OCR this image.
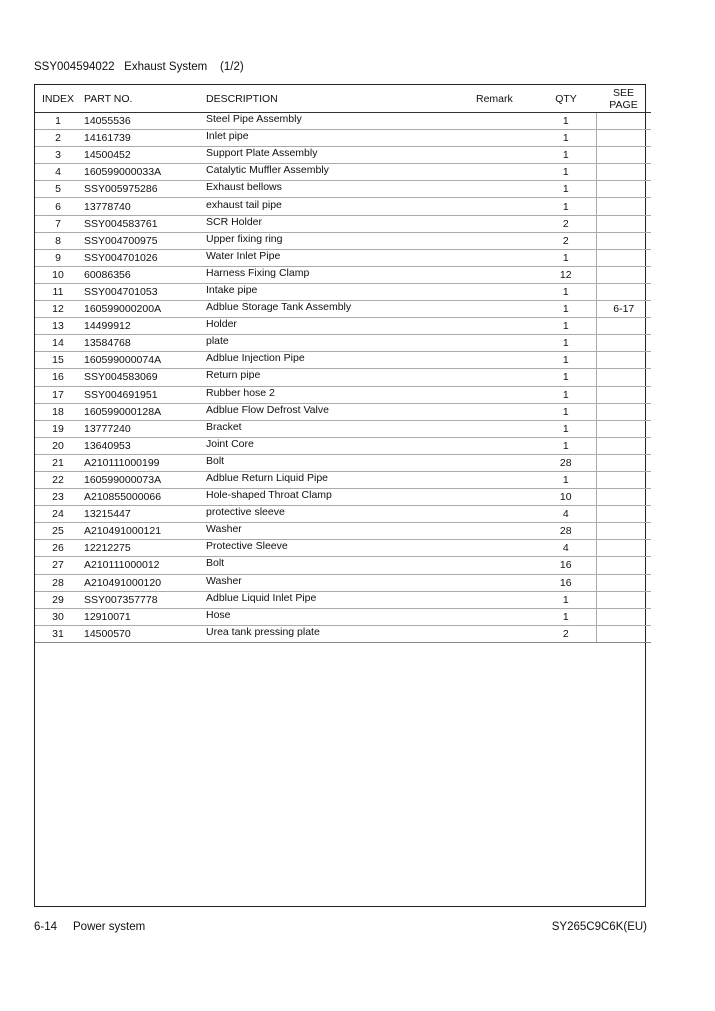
SSY004594022   Exhaust System    (1/2)
INDEX	PART NO.	DESCRIPTION	Remark	QTY	SEE
PAGE
1	14055536	Steel Pipe Assembly		1	
2	14161739	Inlet pipe		1	
3	14500452	Support Plate Assembly		1	
4	160599000033A	Catalytic Muffler Assembly		1	
5	SSY005975286	Exhaust bellows		1	
6	13778740	exhaust tail pipe		1	
7	SSY004583761	SCR Holder		2	
8	SSY004700975	Upper fixing ring		2	
9	SSY004701026	Water Inlet Pipe		1	
10	60086356	Harness Fixing Clamp		12	
11	SSY004701053	Intake pipe		1	
12	160599000200A	Adblue Storage Tank Assembly		1	6-17
13	14499912	Holder		1	
14	13584768	plate		1	
15	160599000074A	Adblue Injection Pipe		1	
16	SSY004583069	Return pipe		1	
17	SSY004691951	Rubber hose 2		1	
18	160599000128A	Adblue Flow Defrost Valve		1	
19	13777240	Bracket		1	
20	13640953	Joint Core		1	
21	A210111000199	Bolt		28	
22	160599000073A	Adblue Return Liquid Pipe		1	
23	A210855000066	Hole-shaped Throat Clamp		10	
24	13215447	protective sleeve		4	
25	A210491000121	Washer		28	
26	12212275	Protective Sleeve		4	
27	A210111000012	Bolt		16	
28	A210491000120	Washer		16	
29	SSY007357778	Adblue Liquid Inlet Pipe		1	
30	12910071	Hose		1	
31	14500570	Urea tank pressing plate		2	
6-14 Power system	SY265C9C6K(EU)
